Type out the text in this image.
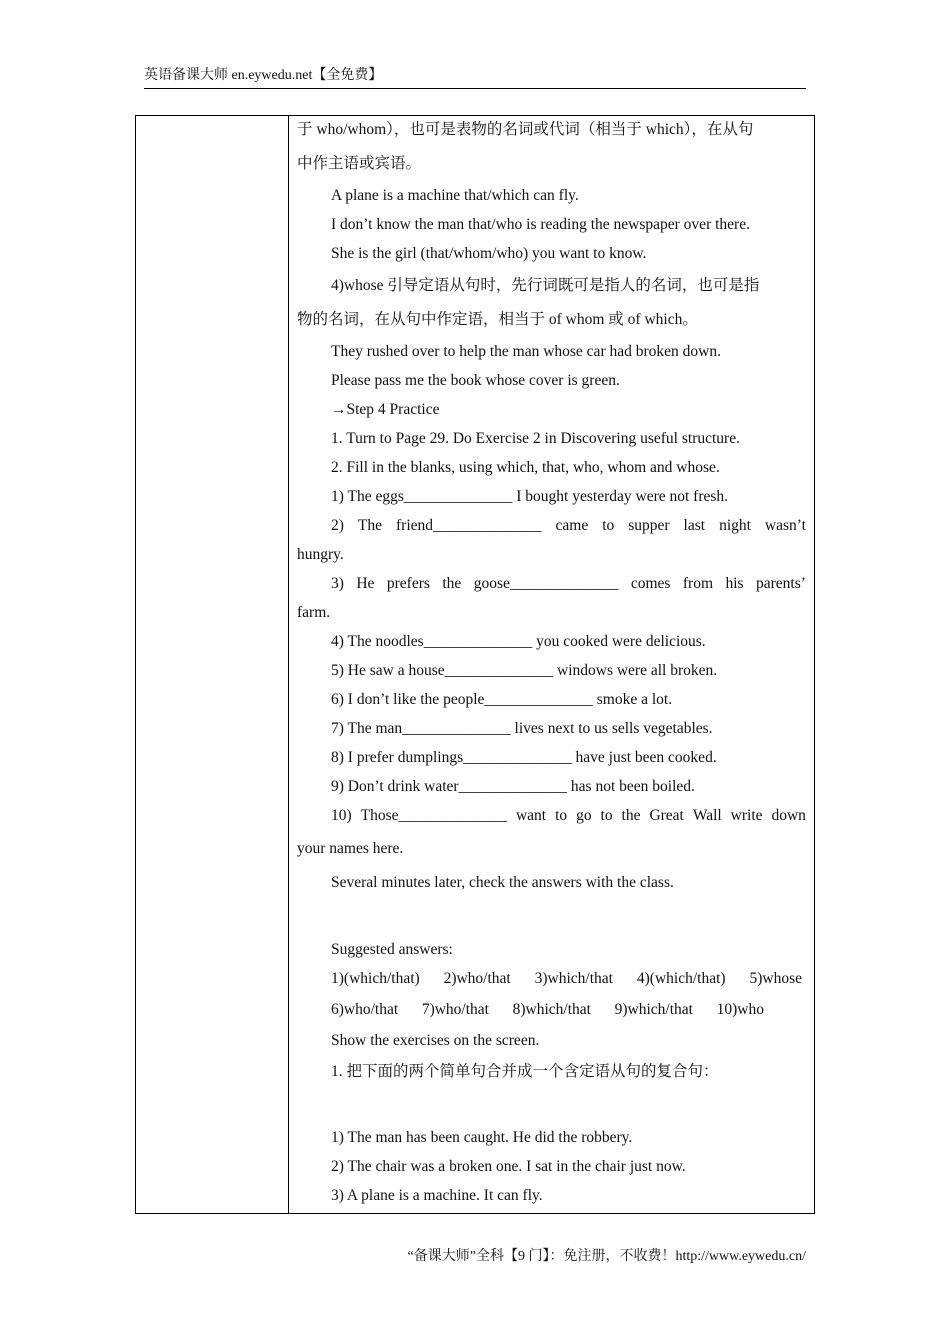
英语备课大师 en.eywedu.net【全免费】
于 who/whom），也可是表物的名词或代词（相当于 which），在从句
中作主语或宾语。
A plane is a machine that/which can fly.
I don’t know the man that/who is reading the newspaper over there.
She is the girl (that/whom/who) you want to know.
4)whose 引导定语从句时，先行词既可是指人的名词，也可是指
物的名词，在从句中作定语，相当于 of whom 或 of which。
They rushed over to help the man whose car had broken down.
Please pass me the book whose cover is green.
→Step 4 Practice
1. Turn to Page 29. Do Exercise 2 in Discovering useful structure.
2. Fill in the blanks, using which, that, who, whom and whose.
1) The eggs______________ I bought yesterday were not fresh.
2) The friend______________ came to supper last night wasn’t
hungry.
3) He prefers the goose______________ comes from his parents’
farm.
4) The noodles______________ you cooked were delicious.
5) He saw a house______________ windows were all broken.
6) I don’t like the people______________ smoke a lot.
7) The man______________ lives next to us sells vegetables.
8) I prefer dumplings______________ have just been cooked.
9) Don’t drink water______________ has not been boiled.
10) Those______________ want to go to the Great Wall write down
your names here.
Several minutes later, check the answers with the class.
Suggested answers:
1)(which/that) 2)who/that 3)which/that 4)(which/that) 5)whose
6)who/that 7)who/that 8)which/that 9)which/that 10)who
Show the exercises on the screen.
1. 把下面的两个简单句合并成一个含定语从句的复合句：
1) The man has been caught. He did the robbery.
2) The chair was a broken one. I sat in the chair just now.
3) A plane is a machine. It can fly.
“备课大师”全科【9 门】：免注册，不收费！http://www.eywedu.cn/
